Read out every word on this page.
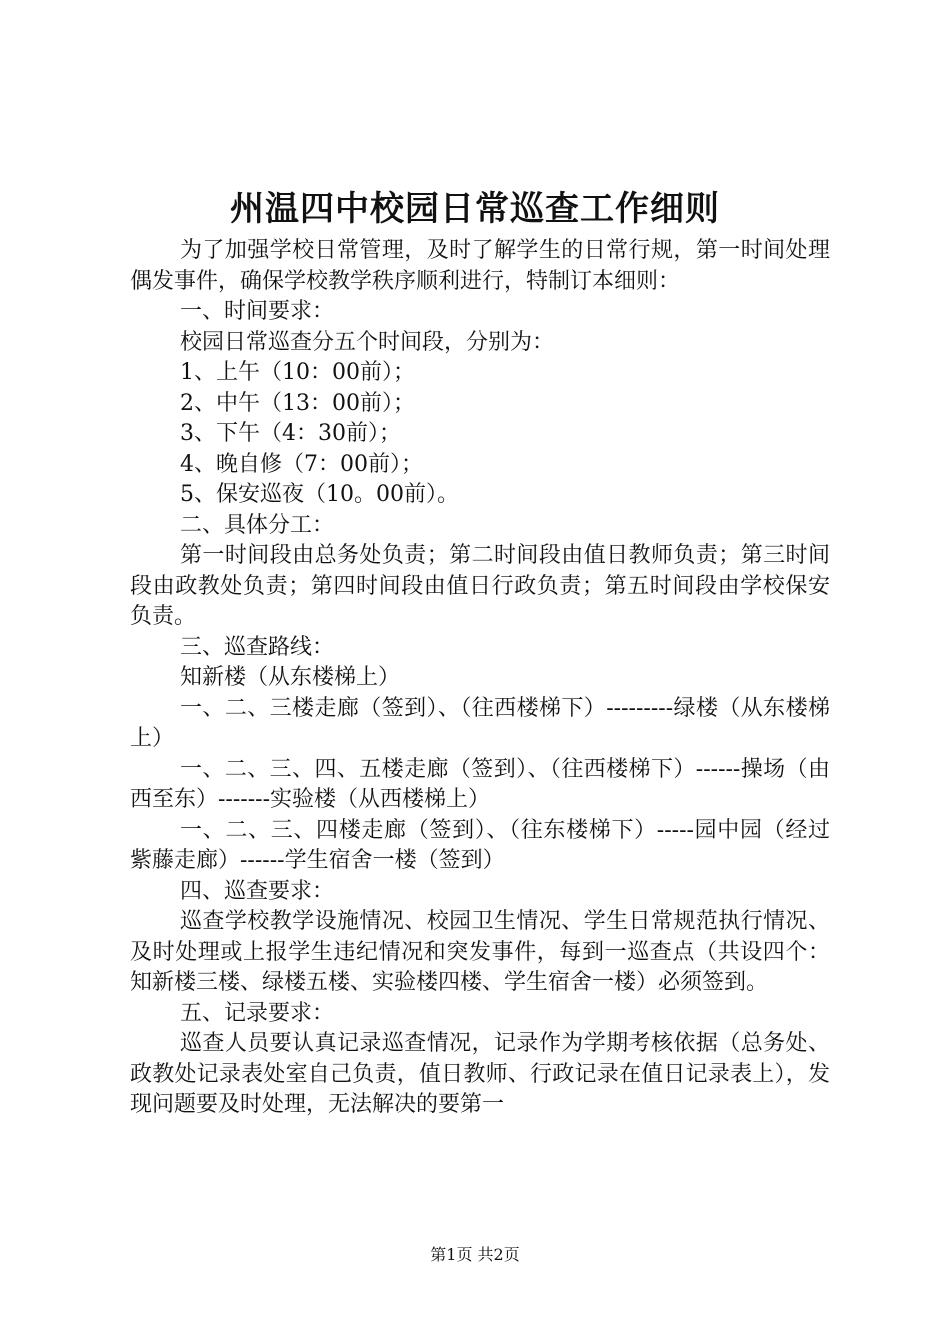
州温四中校园日常巡查工作细则

为了加强学校日常管理，及时了解学生的日常行规，第一时间处理偶发事件，确保学校教学秩序顺利进行，特制订本细则：

一、时间要求：

校园日常巡查分五个时间段，分别为：

1、上午（10：00前）；

2、中午（13：00前）；

3、下午（4：30前）；

4、晚自修（7：00前）；

5、保安巡夜（10。00前）。

二、具体分工：

第一时间段由总务处负责；第二时间段由值日教师负责；第三时间段由政教处负责；第四时间段由值日行政负责；第五时间段由学校保安负责。

三、巡查路线：

知新楼（从东楼梯上）

一、二、三楼走廊（签到）、（往西楼梯下）---------绿楼（从东楼梯上）

一、二、三、四、五楼走廊（签到）、（往西楼梯下）------操场（由西至东）-------实验楼（从西楼梯上）

一、二、三、四楼走廊（签到）、（往东楼梯下）-----园中园（经过紫藤走廊）------学生宿舍一楼（签到）

四、巡查要求：

巡查学校教学设施情况、校园卫生情况、学生日常规范执行情况、及时处理或上报学生违纪情况和突发事件，每到一巡查点（共设四个：知新楼三楼、绿楼五楼、实验楼四楼、学生宿舍一楼）必须签到。

五、记录要求：

巡查人员要认真记录巡查情况，记录作为学期考核依据（总务处、政教处记录表处室自己负责，值日教师、行政记录在值日记录表上），发现问题要及时处理，无法解决的要第一

第1页 共2页
